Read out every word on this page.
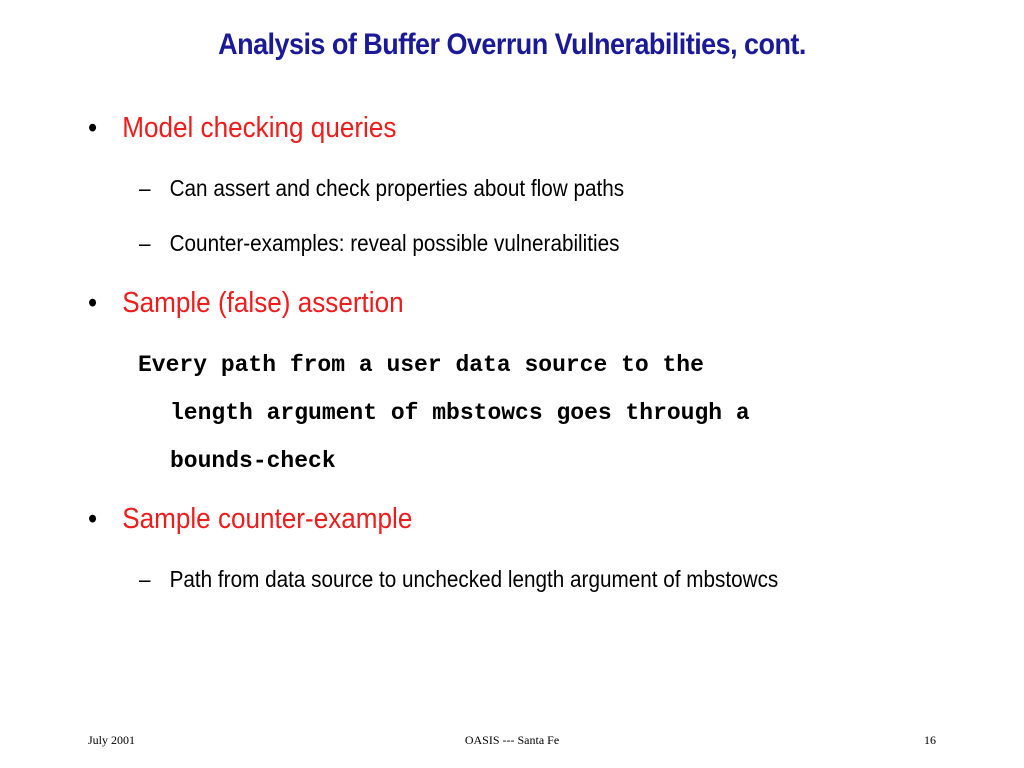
Analysis of Buffer Overrun Vulnerabilities, cont.
• Model checking queries
– Can assert and check properties about flow paths
– Counter-examples: reveal possible vulnerabilities
• Sample (false) assertion
Every path from a user data source to the
length argument of mbstowcs goes through a
bounds-check
• Sample counter-example
– Path from data source to unchecked length argument of mbstowcs
July 2001	OASIS --- Santa Fe	16
